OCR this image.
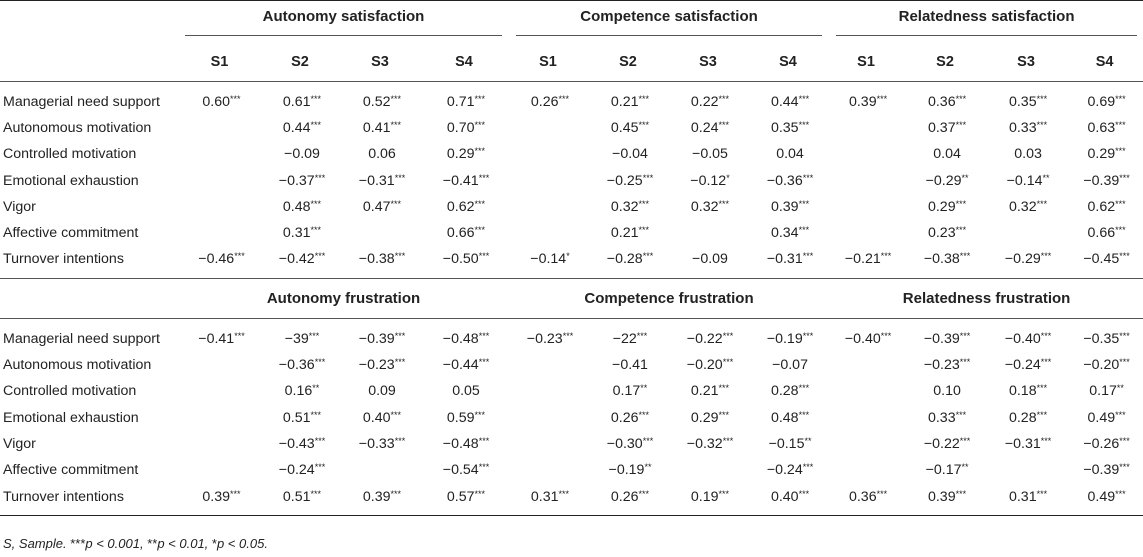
	Autonomy satisfaction				Competence satisfaction				Relatedness satisfaction			

	S1	S2	S3	S4	S1	S2	S3	S4	S1	S2	S3	S4

Managerial need support	0.60***	0.61***	0.52***	0.71***	0.26***	0.21***	0.22***	0.44***	0.39***	0.36***	0.35***	0.69***
Autonomous motivation		0.44***	0.41***	0.70***		0.45***	0.24***	0.35***		0.37***	0.33***	0.63***
Controlled motivation		−0.09	0.06	0.29***		−0.04	−0.05	0.04		0.04	0.03	0.29***
Emotional exhaustion		−0.37***	−0.31***	−0.41***		−0.25***	−0.12*	−0.36***		−0.29**	−0.14**	−0.39***
Vigor		0.48***	0.47***	0.62***		0.32***	0.32***	0.39***		0.29***	0.32***	0.62***
Affective commitment		0.31***		0.66***		0.21***		0.34***		0.23***		0.66***
Turnover intentions	−0.46***	−0.42***	−0.38***	−0.50***	−0.14*	−0.28***	−0.09	−0.31***	−0.21***	−0.38***	−0.29***	−0.45***

	Autonomy frustration				Competence frustration				Relatedness frustration			

Managerial need support	−0.41***	−39***	−0.39***	−0.48***	−0.23***	−22***	−0.22***	−0.19***	−0.40***	−0.39***	−0.40***	−0.35***
Autonomous motivation		−0.36***	−0.23***	−0.44***		−0.41	−0.20***	−0.07		−0.23***	−0.24***	−0.20***
Controlled motivation		0.16**	0.09	0.05		0.17**	0.21***	0.28***		0.10	0.18***	0.17**
Emotional exhaustion		0.51***	0.40***	0.59***		0.26***	0.29***	0.48***		0.33***	0.28***	0.49***
Vigor		−0.43***	−0.33***	−0.48***		−0.30***	−0.32***	−0.15**		−0.22***	−0.31***	−0.26***
Affective commitment		−0.24***		−0.54***		−0.19**		−0.24***		−0.17**		−0.39***
Turnover intentions	0.39***	0.51***	0.39***	0.57***	0.31***	0.26***	0.19***	0.40***	0.36***	0.39***	0.31***	0.49***

S, Sample. ***p < 0.001, **p < 0.01, *p < 0.05.
